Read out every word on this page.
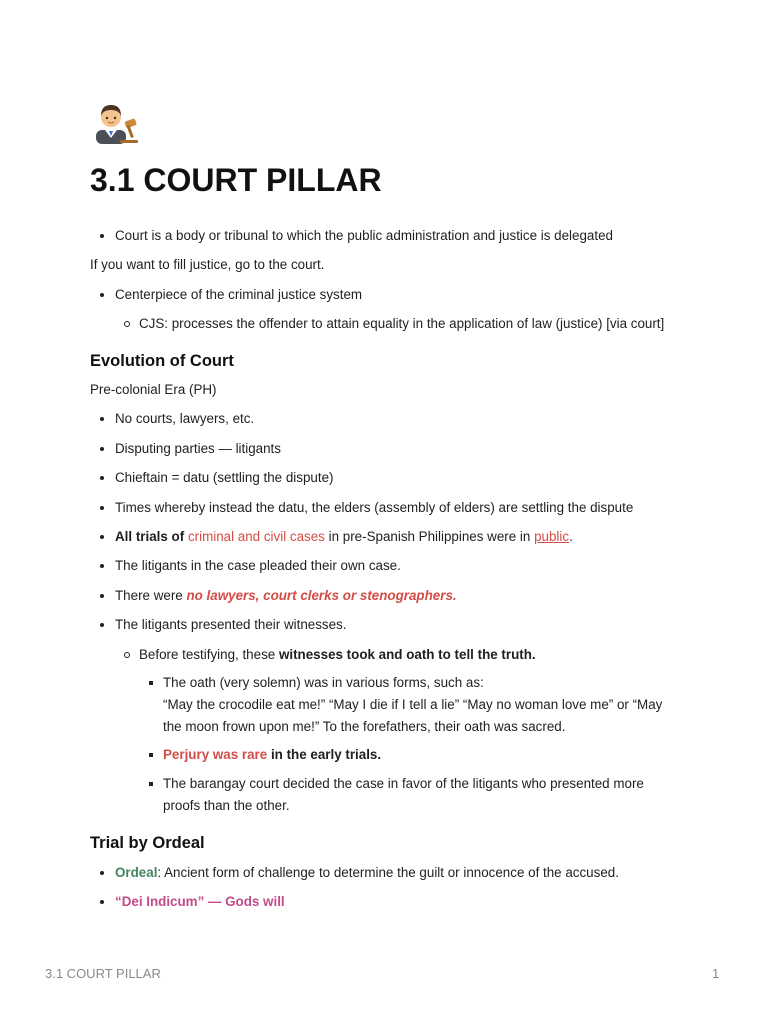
3.1 COURT PILLAR
Court is a body or tribunal to which the public administration and justice is delegated
If you want to fill justice, go to the court.
Centerpiece of the criminal justice system
CJS: processes the offender to attain equality in the application of law (justice) [via court]
Evolution of Court
Pre-colonial Era (PH)
No courts, lawyers, etc.
Disputing parties — litigants
Chieftain = datu (settling the dispute)
Times whereby instead the datu, the elders (assembly of elders) are settling the dispute
All trials of criminal and civil cases in pre-Spanish Philippines were in public.
The litigants in the case pleaded their own case.
There were no lawyers, court clerks or stenographers.
The litigants presented their witnesses.
Before testifying, these witnesses took and oath to tell the truth.
The oath (very solemn) was in various forms, such as:
“May the crocodile eat me!” “May I die if I tell a lie” “May no woman love me” or “May
the moon frown upon me!” To the forefathers, their oath was sacred.
Perjury was rare in the early trials.
The barangay court decided the case in favor of the litigants who presented more
proofs than the other.
Trial by Ordeal
Ordeal: Ancient form of challenge to determine the guilt or innocence of the accused.
“Dei Indicum” — Gods will
3.1 COURT PILLAR	1
